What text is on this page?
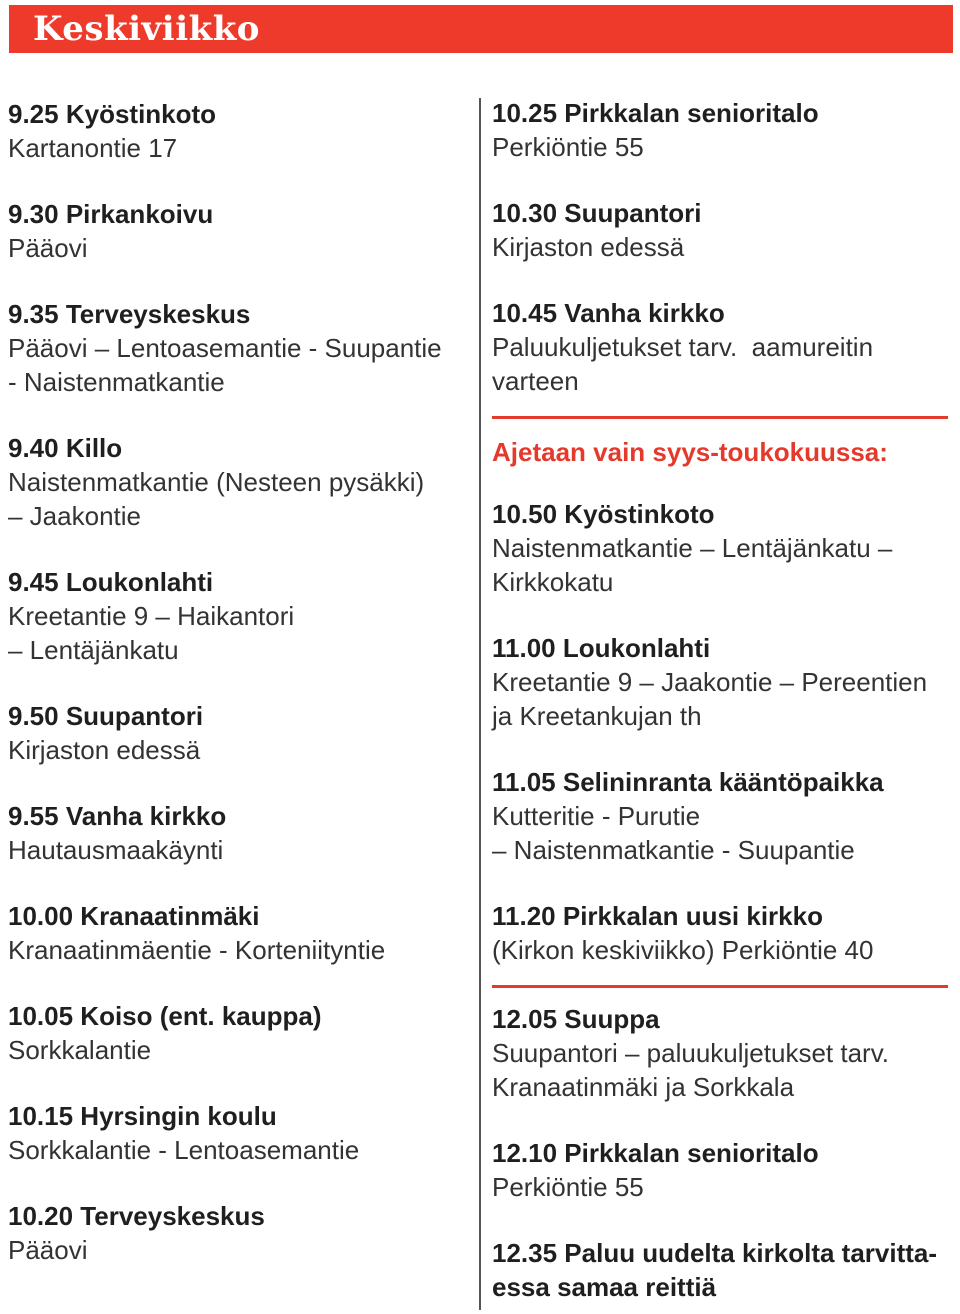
Keskiviikko
9.25 Kyöstinkoto
Kartanontie 17
9.30 Pirkankoivu
Pääovi
9.35 Terveyskeskus
Pääovi – Lentoasemantie - Suupantie
- Naistenmatkantie
9.40 Killo
Naistenmatkantie (Nesteen pysäkki)
– Jaakontie
9.45 Loukonlahti
Kreetantie 9 – Haikantori
– Lentäjänkatu
9.50 Suupantori
Kirjaston edessä
9.55 Vanha kirkko
Hautausmaakäynti
10.00 Kranaatinmäki
Kranaatinmäentie - Korteniityntie
10.05 Koiso (ent. kauppa)
Sorkkalantie
10.15 Hyrsingin koulu
Sorkkalantie - Lentoasemantie
10.20 Terveyskeskus
Pääovi
10.25 Pirkkalan senioritalo
Perkiöntie 55
10.30 Suupantori
Kirjaston edessä
10.45 Vanha kirkko
Paluukuljetukset tarv.  aamureitin
varteen
Ajetaan vain syys-toukokuussa:
10.50 Kyöstinkoto
Naistenmatkantie – Lentäjänkatu –
Kirkkokatu
11.00 Loukonlahti
Kreetantie 9 – Jaakontie – Pereentien
ja Kreetankujan th
11.05 Selininranta kääntöpaikka
Kutteritie - Purutie
– Naistenmatkantie - Suupantie
11.20 Pirkkalan uusi kirkko
(Kirkon keskiviikko) Perkiöntie 40
12.05 Suuppa
Suupantori – paluukuljetukset tarv.
Kranaatinmäki ja Sorkkala
12.10 Pirkkalan senioritalo
Perkiöntie 55
12.35 Paluu uudelta kirkolta tarvitta-
essa samaa reittiä
